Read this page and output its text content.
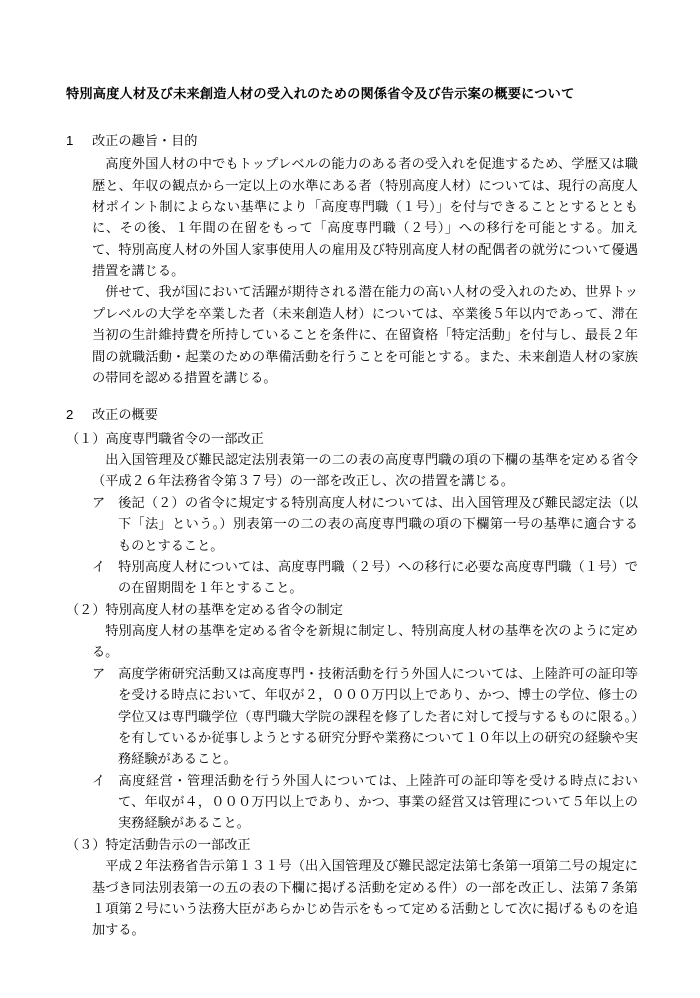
特別高度人材及び未来創造人材の受入れのための関係省令及び告示案の概要について
1 改正の趣旨・目的

高度外国人材の中でもトップレベルの能力のある者の受入れを促進するため、学歴又は職歴と、年収の観点から一定以上の水準にある者（特別高度人材）については、現行の高度人材ポイント制によらない基準により「高度専門職（１号）」を付与できることとするとともに、その後、１年間の在留をもって「高度専門職（２号）」への移行を可能とする。加えて、特別高度人材の外国人家事使用人の雇用及び特別高度人材の配偶者の就労について優遇措置を講じる。

併せて、我が国において活躍が期待される潜在能力の高い人材の受入れのため、世界トップレベルの大学を卒業した者（未来創造人材）については、卒業後５年以内であって、滞在当初の生計維持費を所持していることを条件に、在留資格「特定活動」を付与し、最長２年間の就職活動・起業のための準備活動を行うことを可能とする。また、未来創造人材の家族の帯同を認める措置を講じる。

2 改正の概要
（１）高度専門職省令の一部改正

出入国管理及び難民認定法別表第一の二の表の高度専門職の項の下欄の基準を定める省令（平成２６年法務省令第３７号）の一部を改正し、次の措置を講じる。

ア 後記（２）の省令に規定する特別高度人材については、出入国管理及び難民認定法（以下「法」という。）別表第一の二の表の高度専門職の項の下欄第一号の基準に適合するものとすること。

イ 特別高度人材については、高度専門職（２号）への移行に必要な高度専門職（１号）での在留期間を１年とすること。

（２）特別高度人材の基準を定める省令の制定

特別高度人材の基準を定める省令を新規に制定し、特別高度人材の基準を次のように定める。

ア 高度学術研究活動又は高度専門・技術活動を行う外国人については、上陸許可の証印等を受ける時点において、年収が２，０００万円以上であり、かつ、博士の学位、修士の学位又は専門職学位（専門職大学院の課程を修了した者に対して授与するものに限る。）を有しているか従事しようとする研究分野や業務について１０年以上の研究の経験や実務経験があること。

イ 高度経営・管理活動を行う外国人については、上陸許可の証印等を受ける時点において、年収が４，０００万円以上であり、かつ、事業の経営又は管理について５年以上の実務経験があること。

（３）特定活動告示の一部改正

平成２年法務省告示第１３１号（出入国管理及び難民認定法第七条第一項第二号の規定に基づき同法別表第一の五の表の下欄に掲げる活動を定める件）の一部を改正し、法第７条第１項第２号にいう法務大臣があらかじめ告示をもって定める活動として次に掲げるものを追加する。
